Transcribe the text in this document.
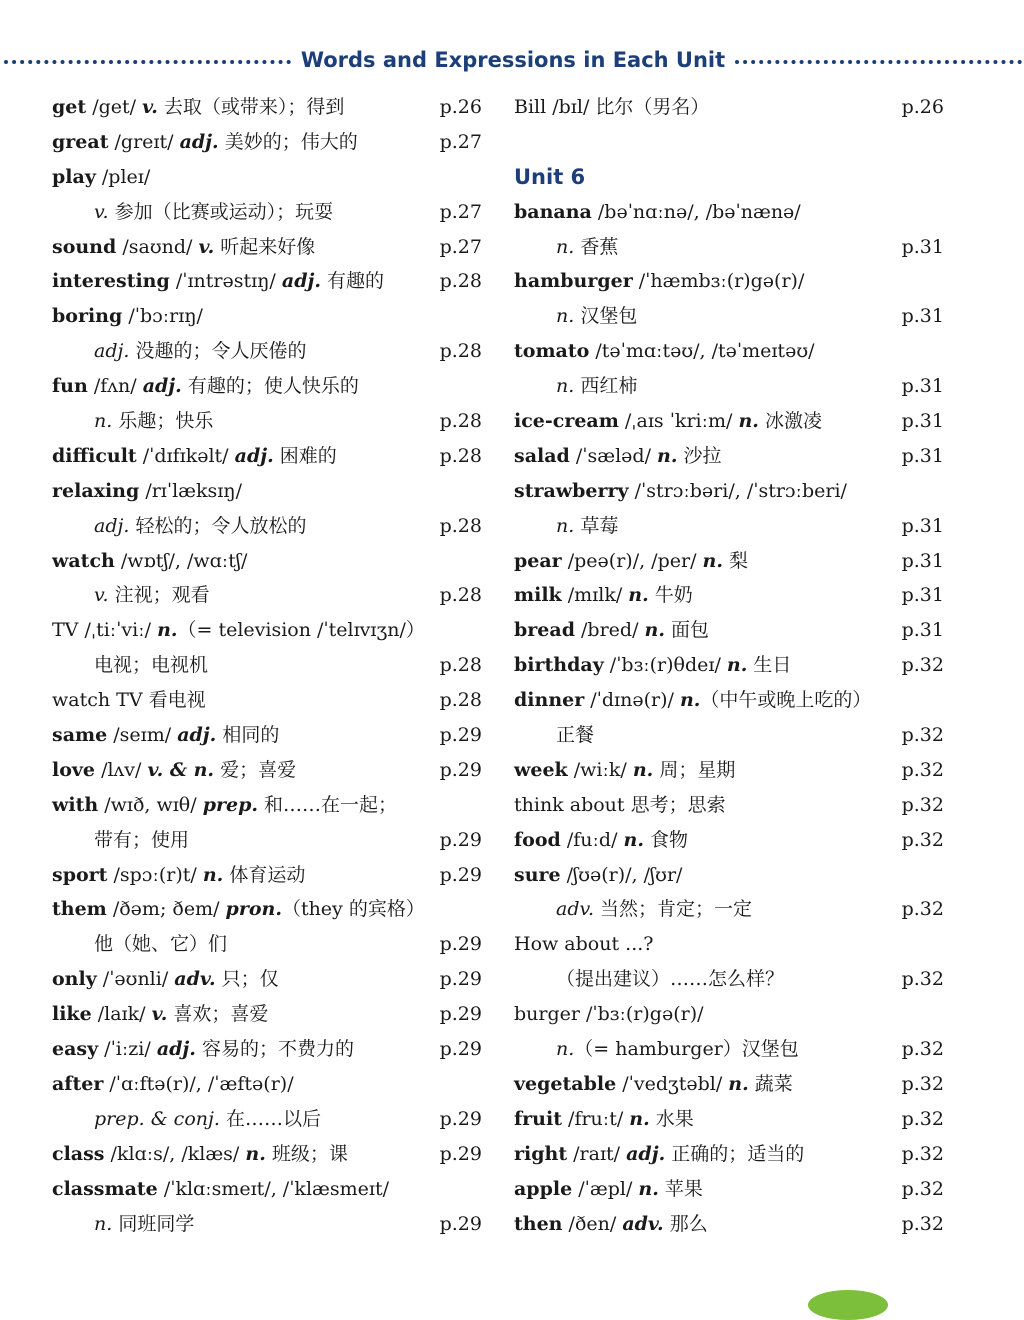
Words and Expressions in Each Unit
get /get/ v. 去取（或带来）；得到	p.26
great /greɪt/ adj. 美妙的；伟大的	p.27
play /pleɪ/
v. 参加（比赛或运动）；玩耍	p.27
sound /saʊnd/ v. 听起来好像	p.27
interesting /ˈɪntrəstɪŋ/ adj. 有趣的	p.28
boring /ˈbɔːrɪŋ/
adj. 没趣的；令人厌倦的	p.28
fun /fʌn/ adj. 有趣的；使人快乐的
n. 乐趣；快乐	p.28
difficult /ˈdɪfɪkəlt/ adj. 困难的	p.28
relaxing /rɪˈlæksɪŋ/
adj. 轻松的；令人放松的	p.28
watch /wɒtʃ/, /wɑːtʃ/
v. 注视；观看	p.28
TV /ˌtiːˈviː/ n.（= television /ˈtelɪvɪʒn/）
电视；电视机	p.28
watch TV 看电视	p.28
same /seɪm/ adj. 相同的	p.29
love /lʌv/ v. & n. 爱；喜爱	p.29
with /wɪð, wɪθ/ prep. 和……在一起；
带有；使用	p.29
sport /spɔː(r)t/ n. 体育运动	p.29
them /ðəm; ðem/ pron.（they 的宾格）
他（她、它）们	p.29
only /ˈəʊnli/ adv. 只；仅	p.29
like /laɪk/ v. 喜欢；喜爱	p.29
easy /ˈiːzi/ adj. 容易的；不费力的	p.29
after /ˈɑːftə(r)/, /ˈæftə(r)/
prep. & conj. 在……以后	p.29
class /klɑːs/, /klæs/ n. 班级；课	p.29
classmate /ˈklɑːsmeɪt/, /ˈklæsmeɪt/
n. 同班同学	p.29
Bill /bɪl/ 比尔（男名）	p.26
Unit 6
banana /bəˈnɑːnə/, /bəˈnænə/
n. 香蕉	p.31
hamburger /ˈhæmbɜː(r)gə(r)/
n. 汉堡包	p.31
tomato /təˈmɑːtəʊ/, /təˈmeɪtəʊ/
n. 西红柿	p.31
ice-cream /ˌaɪs ˈkriːm/ n. 冰激凌	p.31
salad /ˈsæləd/ n. 沙拉	p.31
strawberry /ˈstrɔːbəri/, /ˈstrɔːberi/
n. 草莓	p.31
pear /peə(r)/, /per/ n. 梨	p.31
milk /mɪlk/ n. 牛奶	p.31
bread /bred/ n. 面包	p.31
birthday /ˈbɜː(r)θdeɪ/ n. 生日	p.32
dinner /ˈdɪnə(r)/ n.（中午或晚上吃的）
正餐	p.32
week /wiːk/ n. 周；星期	p.32
think about 思考；思索	p.32
food /fuːd/ n. 食物	p.32
sure /ʃʊə(r)/, /ʃʊr/
adv. 当然；肯定；一定	p.32
How about ...?
（提出建议）……怎么样？	p.32
burger /ˈbɜː(r)gə(r)/
n.（= hamburger）汉堡包	p.32
vegetable /ˈvedʒtəbl/ n. 蔬菜	p.32
fruit /fruːt/ n. 水果	p.32
right /raɪt/ adj. 正确的；适当的	p.32
apple /ˈæpl/ n. 苹果	p.32
then /ðen/ adv. 那么	p.32
